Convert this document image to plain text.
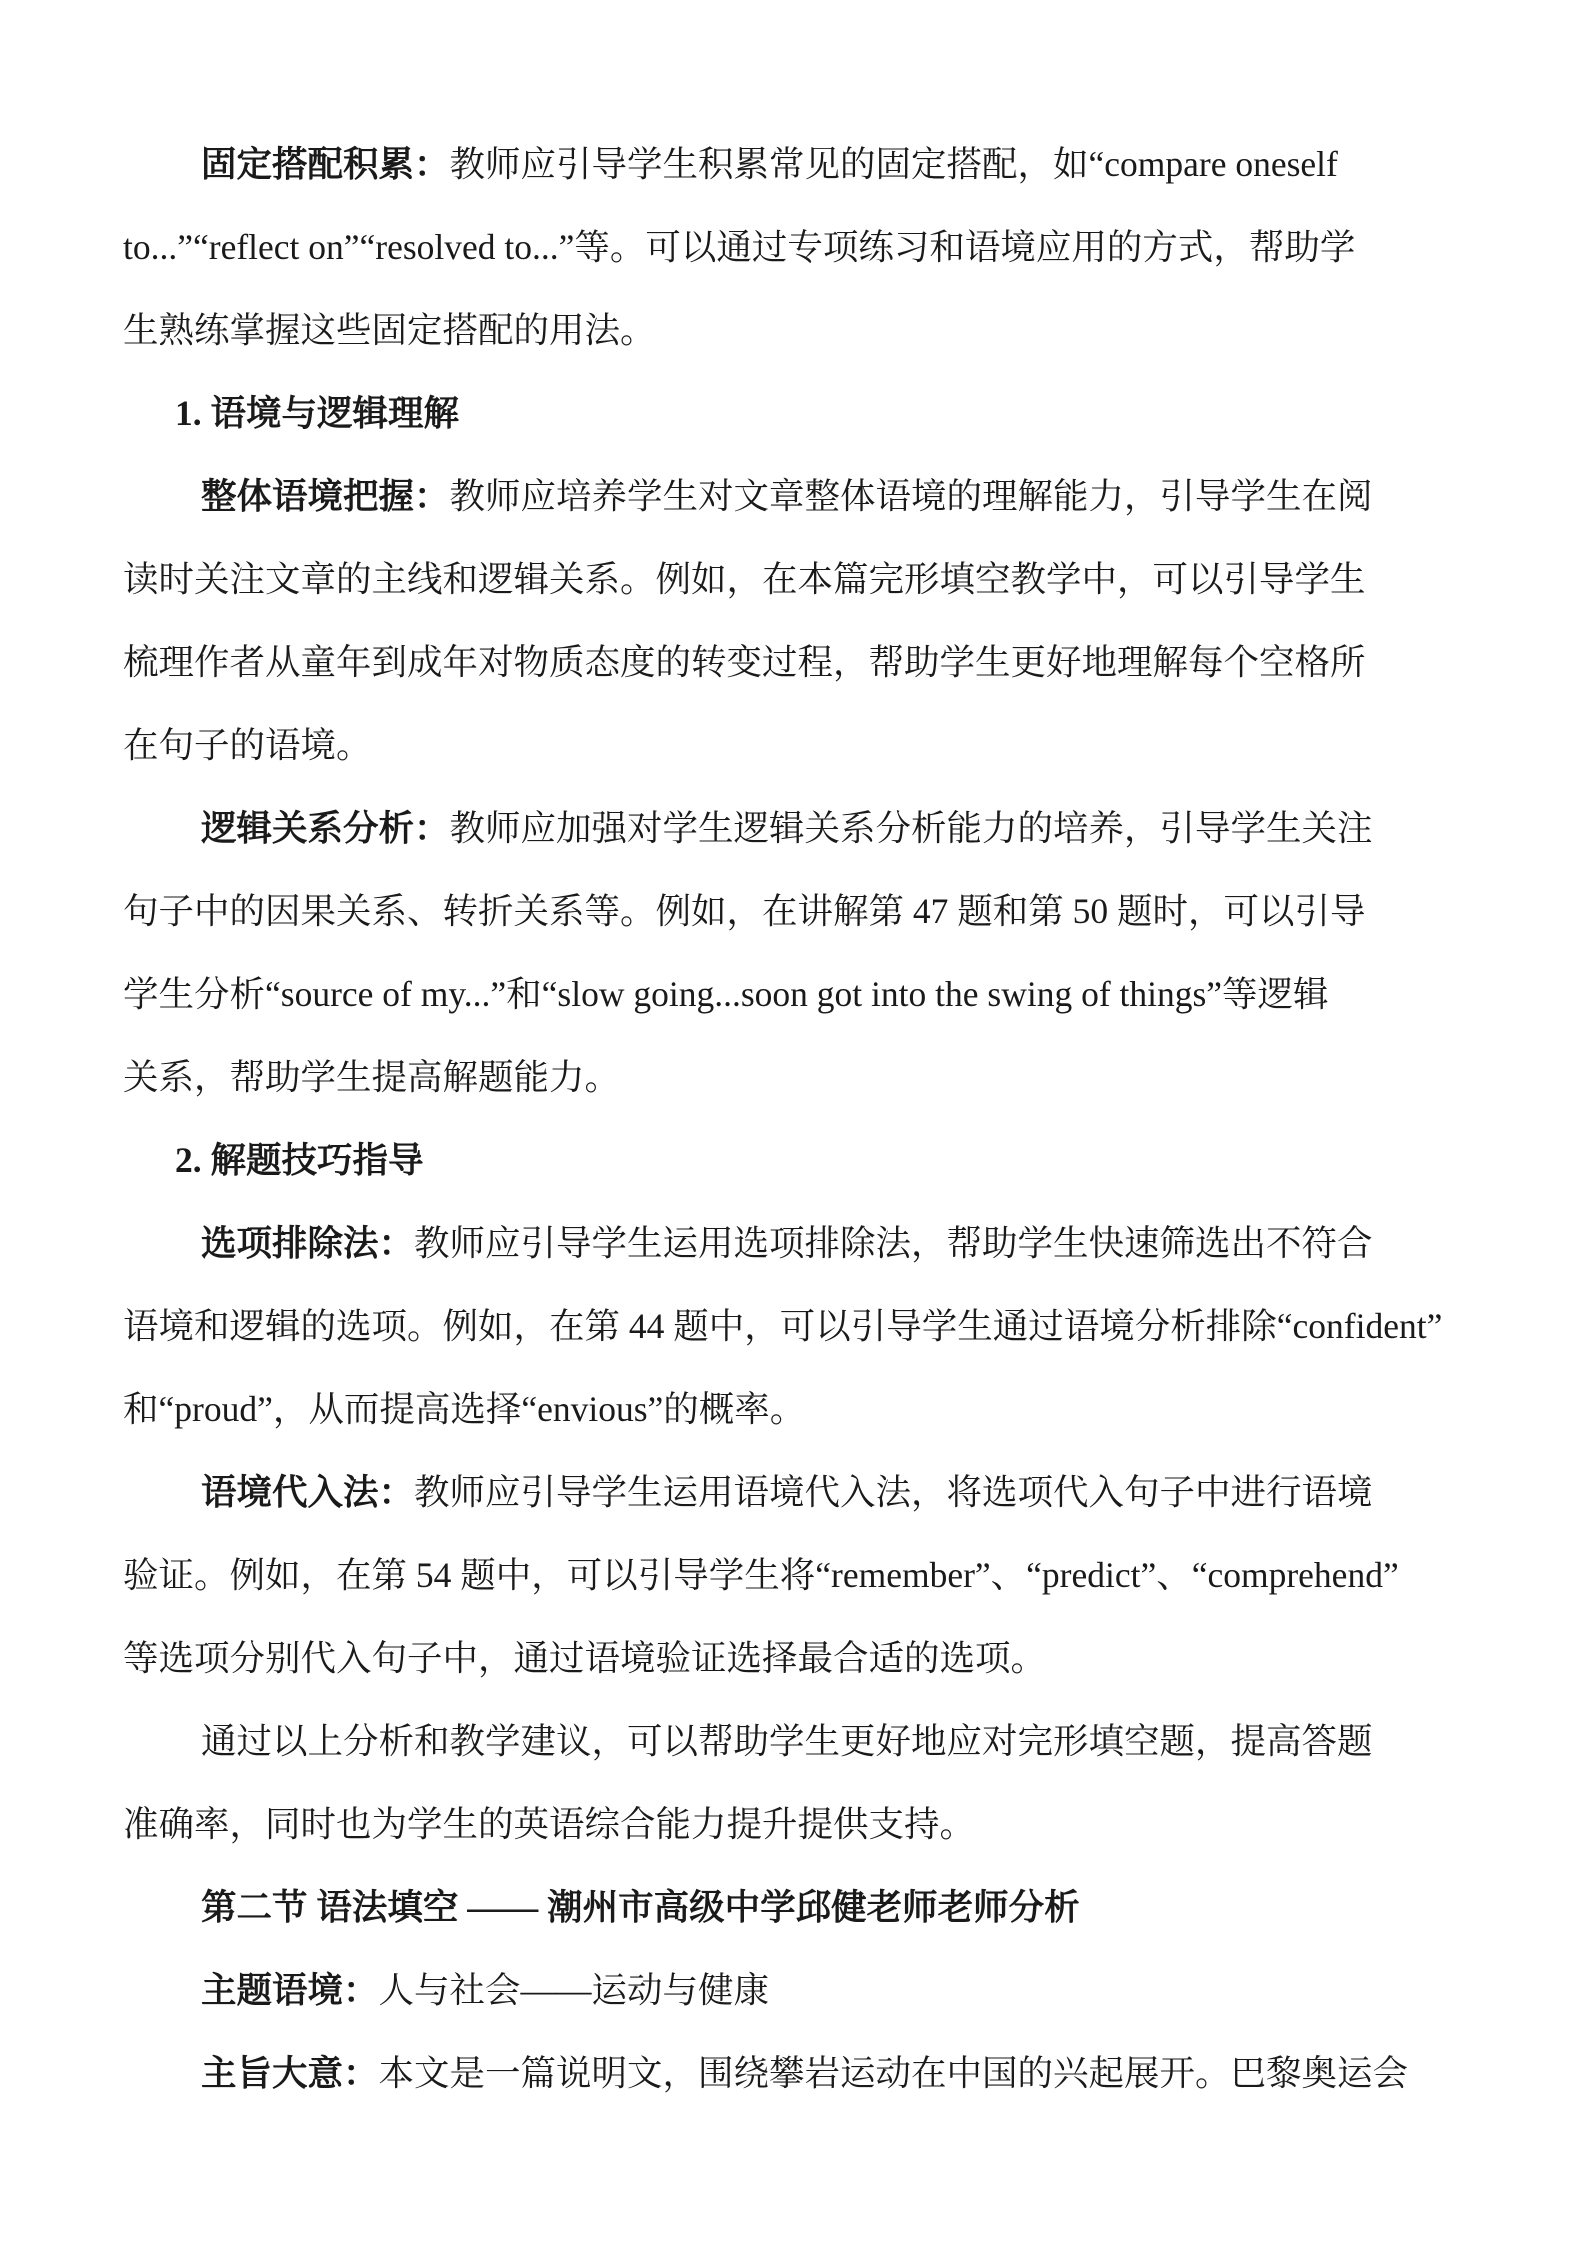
固定搭配积累：教师应引导学生积累常见的固定搭配，如“compare oneself
to...”“reflect on”“resolved to...”等。可以通过专项练习和语境应用的方式，帮助学
生熟练掌握这些固定搭配的用法。
1. 语境与逻辑理解
整体语境把握：教师应培养学生对文章整体语境的理解能力，引导学生在阅
读时关注文章的主线和逻辑关系。例如，在本篇完形填空教学中，可以引导学生
梳理作者从童年到成年对物质态度的转变过程，帮助学生更好地理解每个空格所
在句子的语境。
逻辑关系分析：教师应加强对学生逻辑关系分析能力的培养，引导学生关注
句子中的因果关系、转折关系等。例如，在讲解第 47 题和第 50 题时，可以引导
学生分析“source of my...”和“slow going...soon got into the swing of things”等逻辑
关系，帮助学生提高解题能力。
2. 解题技巧指导
选项排除法：教师应引导学生运用选项排除法，帮助学生快速筛选出不符合
语境和逻辑的选项。例如，在第 44 题中，可以引导学生通过语境分析排除“confident”
和“proud”，从而提高选择“envious”的概率。
语境代入法：教师应引导学生运用语境代入法，将选项代入句子中进行语境
验证。例如，在第 54 题中，可以引导学生将“remember”、“predict”、“comprehend”
等选项分别代入句子中，通过语境验证选择最合适的选项。
通过以上分析和教学建议，可以帮助学生更好地应对完形填空题，提高答题
准确率，同时也为学生的英语综合能力提升提供支持。
第二节 语法填空 —— 潮州市高级中学邱健老师老师分析
主题语境：人与社会——运动与健康
主旨大意：本文是一篇说明文，围绕攀岩运动在中国的兴起展开。巴黎奥运会
